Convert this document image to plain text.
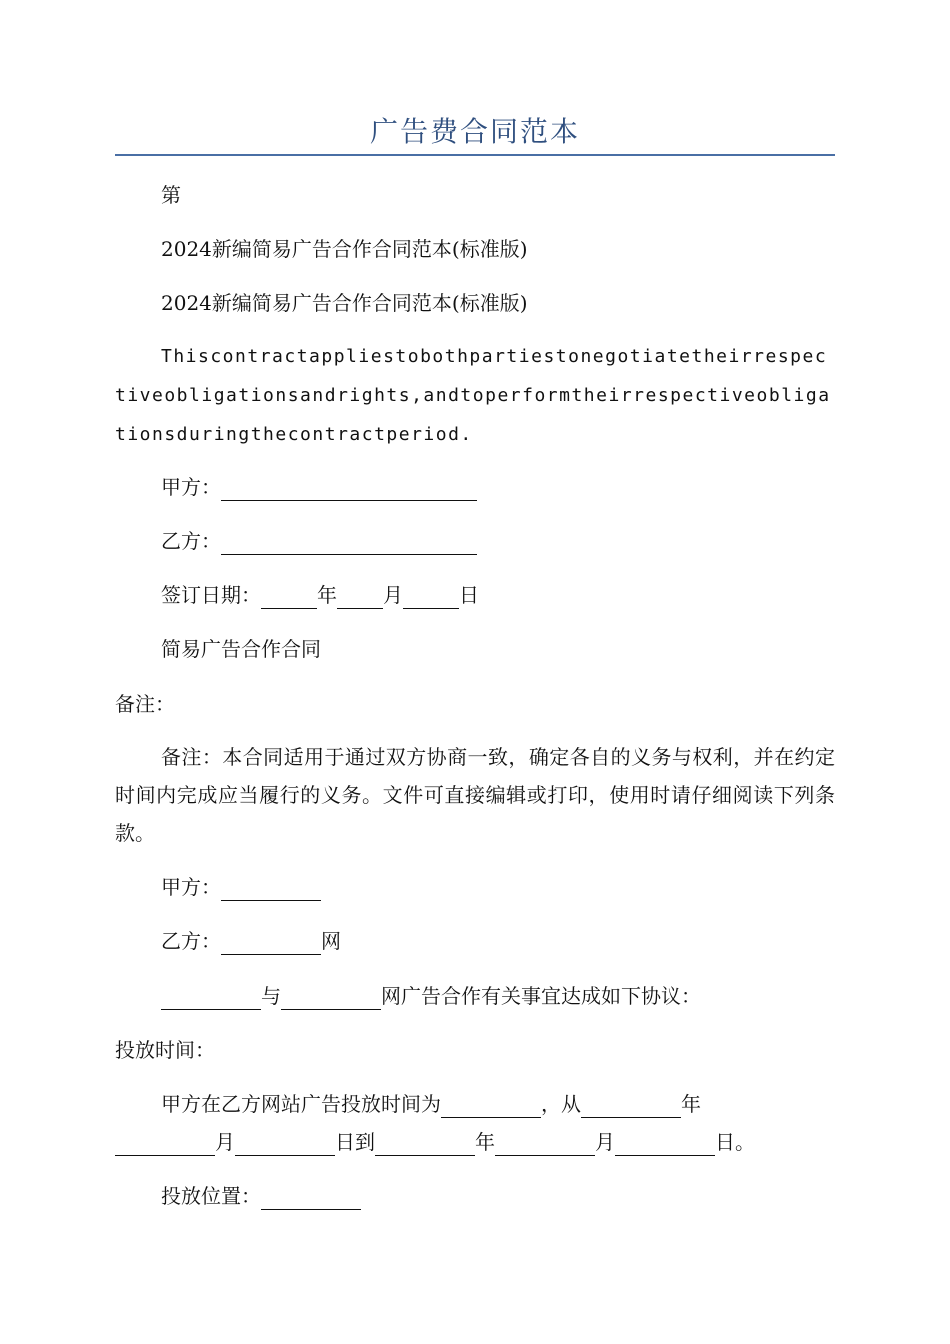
广告费合同范本
第
2024新编简易广告合作合同范本(标准版)
2024新编简易广告合作合同范本(标准版)
Thiscontractappliestobothpartiestonegotiatetheirrespectiveobligationsandrights,andtoperformtheirrespectiveobligationsduringthecontractperiod.
甲方：
乙方：
签订日期：	年 月	日
简易广告合作合同
备注：
备注：本合同适用于通过双方协商一致，确定各自的义务与权利，并在约定时间内完成应当履行的义务。文件可直接编辑或打印，使用时请仔细阅读下列条款。
甲方：
乙方：	网
与	网广告合作有关事宜达成如下协议：
投放时间：
甲方在乙方网站广告投放时间为	，从	年
月	日到	年	月	日。
投放位置：
